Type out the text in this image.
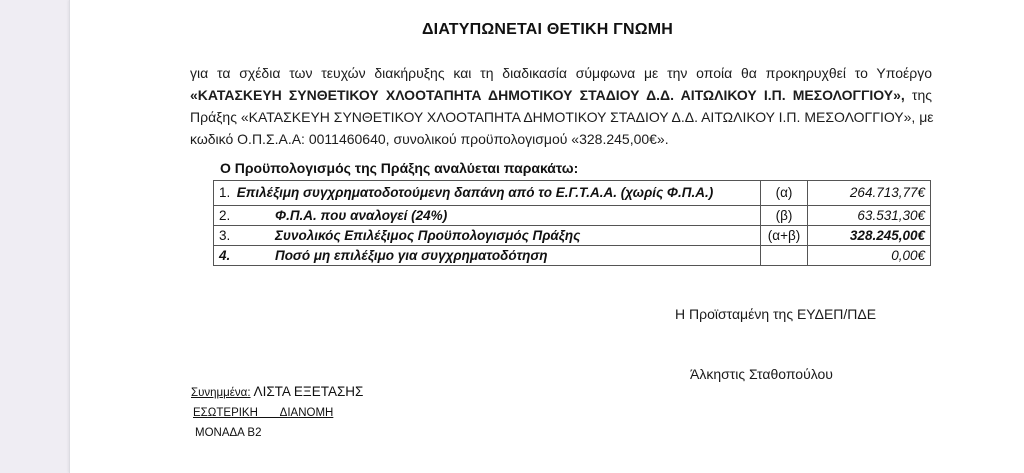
ΔΙΑΤΥΠΩΝΕΤΑΙ ΘΕΤΙΚΗ ΓΝΩΜΗ
για τα σχέδια των τευχών διακήρυξης και τη διαδικασία σύμφωνα με την οποία θα προκηρυχθεί το Υποέργο
«ΚΑΤΑΣΚΕΥΗ ΣΥΝΘΕΤΙΚΟΥ ΧΛΟΟΤΑΠΗΤΑ ΔΗΜΟΤΙΚΟΥ ΣΤΑΔΙΟΥ Δ.Δ. ΑΙΤΩΛΙΚΟΥ Ι.Π. ΜΕΣΟΛΟΓΓΙΟΥ», της
Πράξης «ΚΑΤΑΣΚΕΥΗ ΣΥΝΘΕΤΙΚΟΥ ΧΛΟΟΤΑΠΗΤΑ ΔΗΜΟΤΙΚΟΥ ΣΤΑΔΙΟΥ Δ.Δ. ΑΙΤΩΛΙΚΟΥ Ι.Π. ΜΕΣΟΛΟΓΓΙΟΥ», με
κωδικό Ο.Π.Σ.Α.Α: 0011460640, συνολικού προϋπολογισμού «328.245,00€».
Ο Προϋπολογισμός της Πράξης αναλύεται παρακάτω:
1. Επιλέξιμη συγχρηματοδοτούμενη δαπάνη από το Ε.Γ.Τ.Α.Α. (χωρίς Φ.Π.Α.)	(α)	264.713,77€
2. Φ.Π.Α. που αναλογεί (24%)	(β)	63.531,30€
3. Συνολικός Επιλέξιμος Προϋπολογισμός Πράξης	(α+β)	328.245,00€
4. Ποσό μη επιλέξιμο για συγχρηματοδότηση		0,00€
Η Προϊσταμένη της ΕΥΔΕΠ/ΠΔΕ
Άλκηστις Σταθοπούλου
Συνημμένα: ΛΙΣΤΑ ΕΞΕΤΑΣΗΣ
ΕΣΩΤΕΡΙΚΗ       ΔΙΑΝΟΜΗ
ΜΟΝΑΔΑ Β2
